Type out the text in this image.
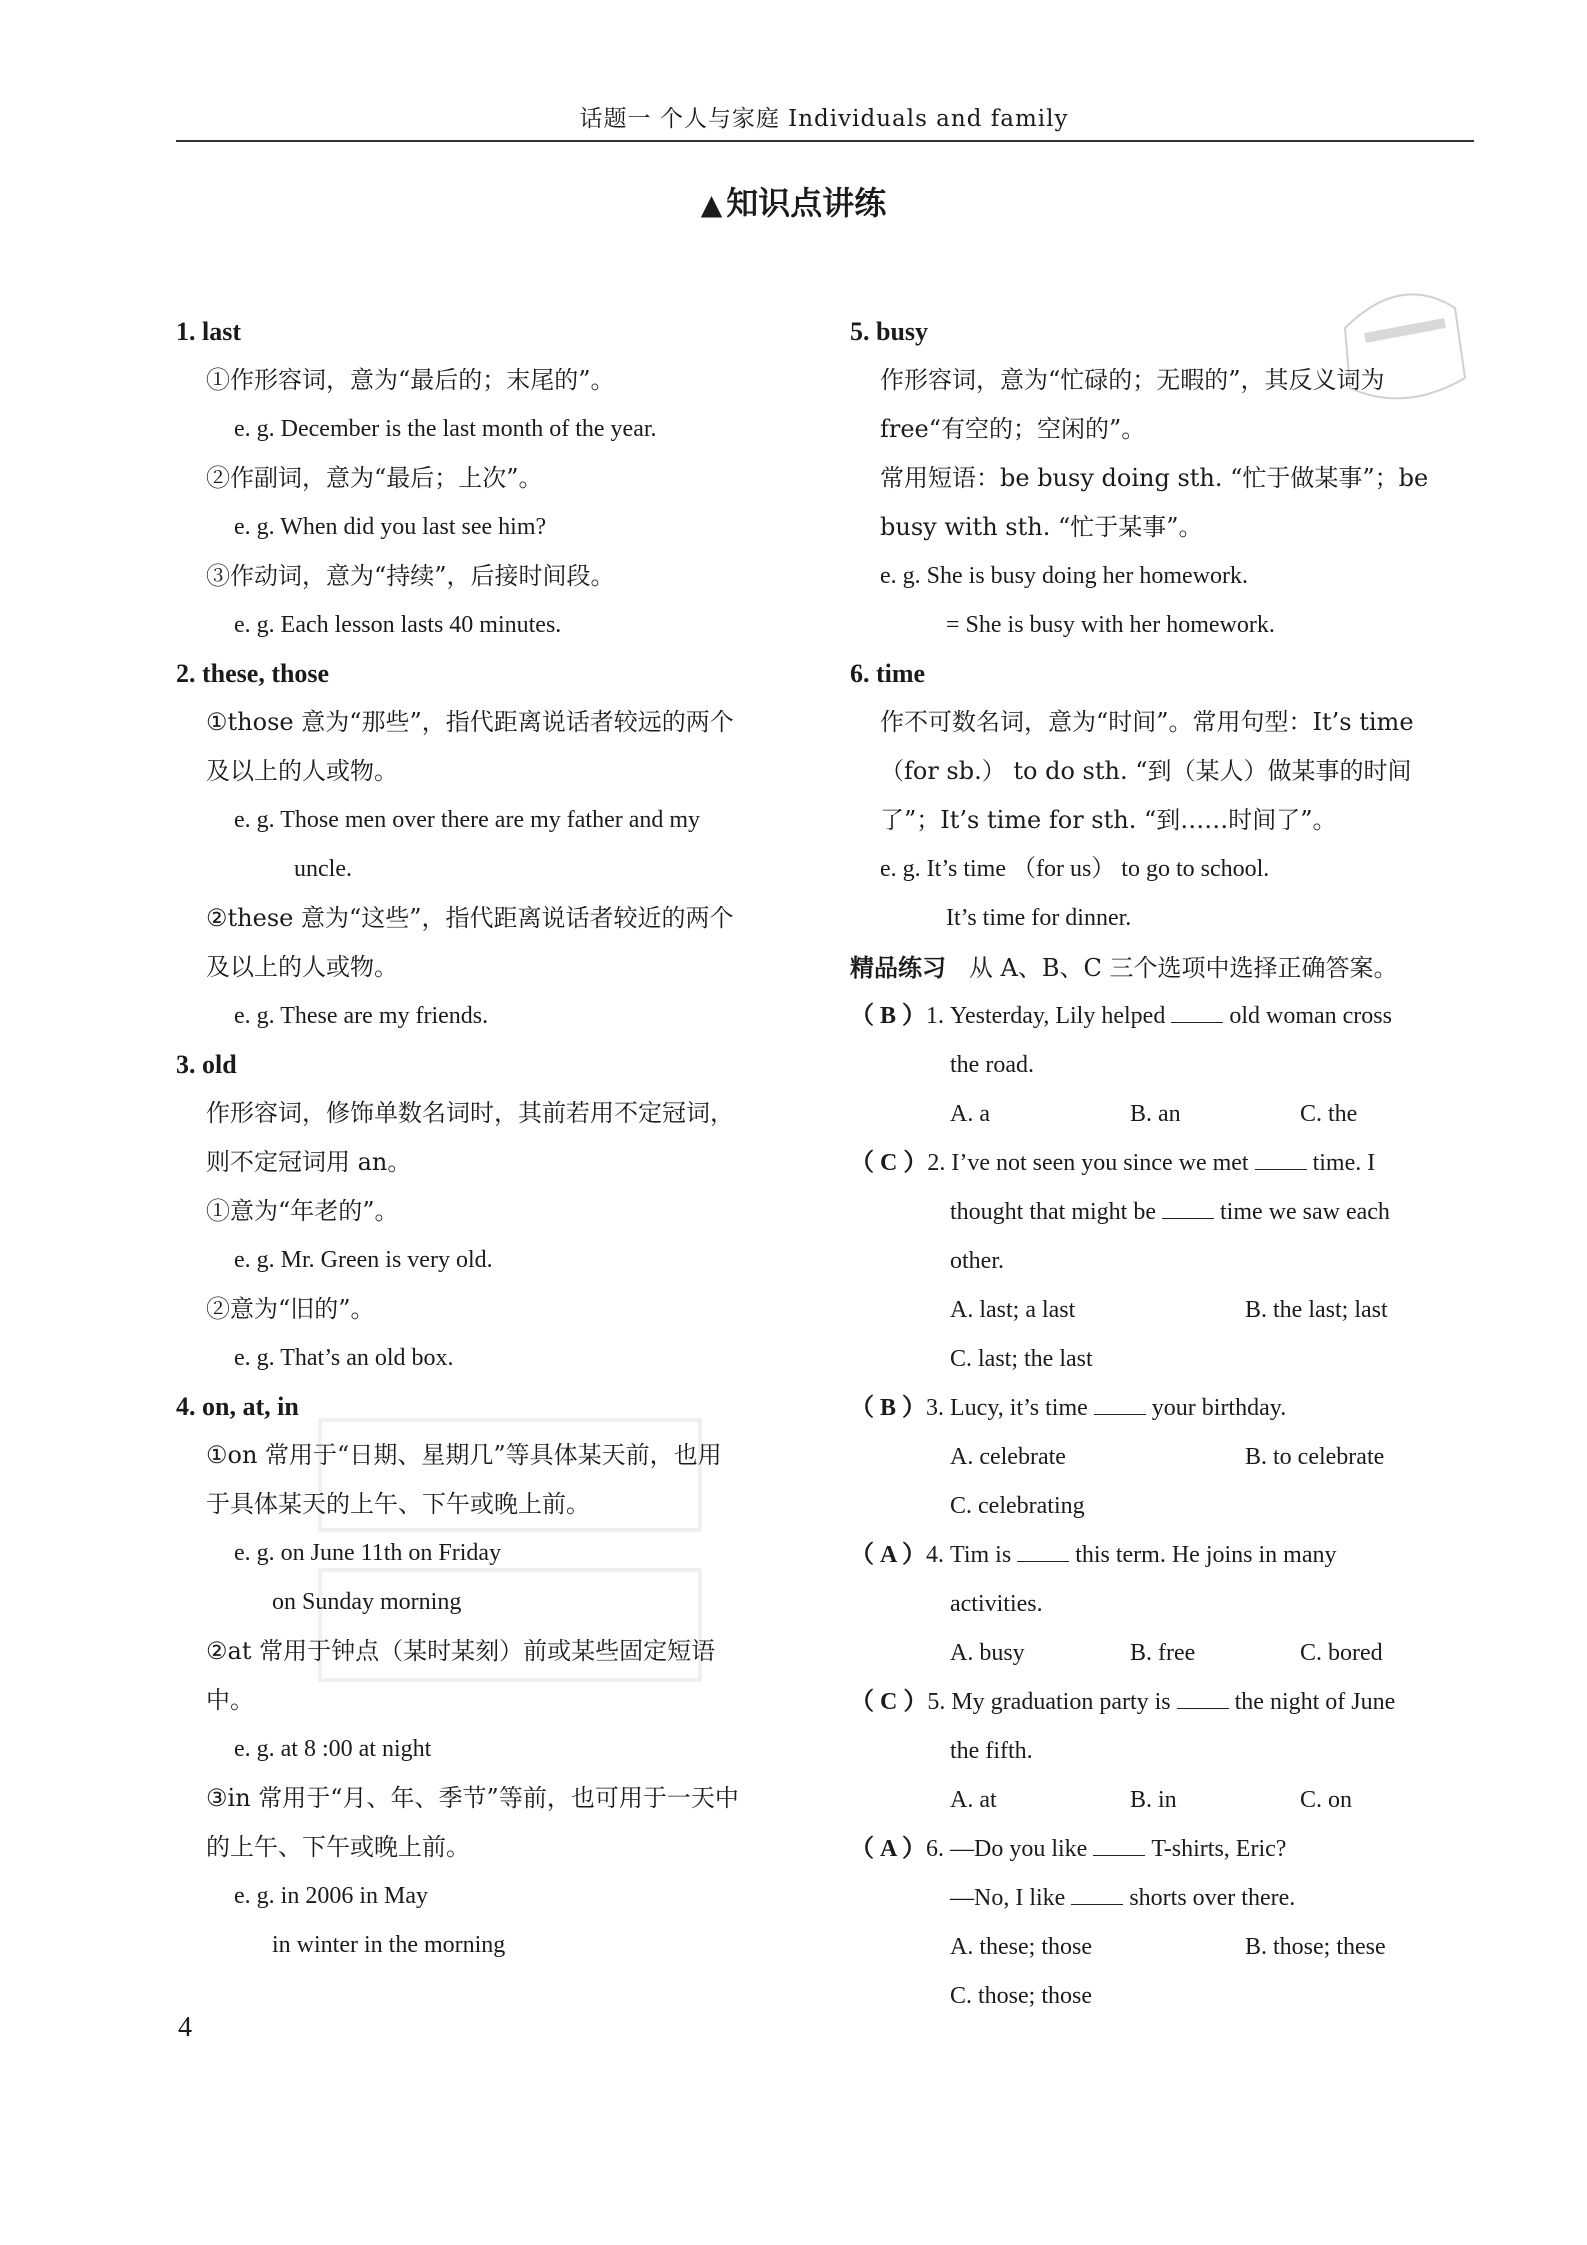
话题一 个人与家庭 Individuals and family
▲ 知识点讲练

1. last

①作形容词，意为“最后的；末尾的”。

e. g. December is the last month of the year.

②作副词，意为“最后；上次”。

e. g. When did you last see him?

③作动词，意为“持续”，后接时间段。

e. g. Each lesson lasts 40 minutes.

2. these, those

①those 意为“那些”，指代距离说话者较远的两个

及以上的人或物。

e. g. Those men over there are my father and my

uncle.

②these 意为“这些”，指代距离说话者较近的两个

及以上的人或物。

e. g. These are my friends.

3. old

作形容词，修饰单数名词时，其前若用不定冠词，

则不定冠词用 an。

①意为“年老的”。

e. g. Mr. Green is very old.

②意为“旧的”。

e. g. That’s an old box.

4. on, at, in

①on 常用于“日期、星期几”等具体某天前，也用

于具体某天的上午、下午或晚上前。

e. g. on June 11th on Friday

on Sunday morning

②at 常用于钟点（某时某刻）前或某些固定短语

中。

e. g. at 8 :00 at night

③in 常用于“月、年、季节”等前，也可用于一天中

的上午、下午或晚上前。

e. g. in 2006 in May

in winter in the morning

5. busy

作形容词，意为“忙碌的；无暇的”，其反义词为

free“有空的；空闲的”。

常用短语：be busy doing sth. “忙于做某事”；be

busy with sth. “忙于某事”。

e. g. She is busy doing her homework.

= She is busy with her homework.

6. time

作不可数名词，意为“时间”。常用句型：It’s time

（for sb.） to do sth. “到（某人）做某事的时间

了”；It’s time for sth. “到……时间了”。

e. g. It’s time （for us） to go to school.

It’s time for dinner.

精品练习 从 A、B、C 三个选项中选择正确答案。

（ B ）1. Yesterday, Lily helped	old woman cross

the road.

A. a	B. an	C. the

（ C ）2. I’ve not seen you since we met	time. I

thought that might be	time we saw each

other.

A. last; a last	B. the last; last

C. last; the last

（ B ）3. Lucy, it’s time	your birthday.

A. celebrate	B. to celebrate

C. celebrating

（ A ）4. Tim is	this term. He joins in many

activities.

A. busy	B. free	C. bored

（ C ）5. My graduation party is	the night of June

the fifth.

A. at	B. in	C. on

（ A ）6. —Do you like	T-shirts, Eric?

—No, I like	shorts over there.

A. these; those	B. those; these

C. those; those

4
